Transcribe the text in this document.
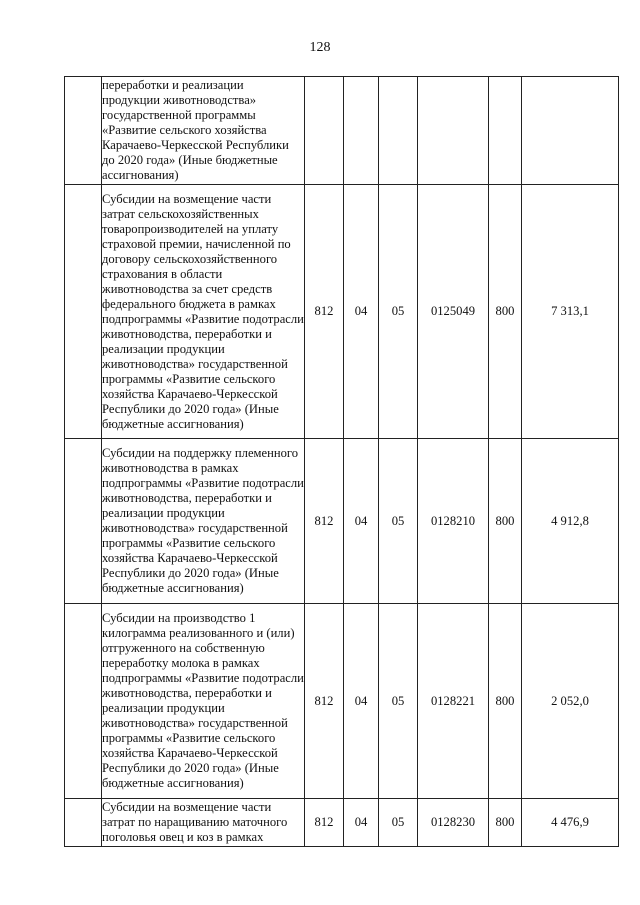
128

	переработки и реализации продукции животноводства» государственной программы «Развитие сельского хозяйства Карачаево-Черкесской Республики до 2020 года» (Иные бюджетные ассигнования)						

	Субсидии на возмещение части затрат сельскохозяйственных товаропроизводителей на уплату страховой премии, начисленной по договору сельскохозяйственного страхования в области животноводства за счет средств федерального бюджета в рамках подпрограммы «Развитие подотрасли животноводства, переработки и реализации продукции животноводства» государственной программы «Развитие сельского хозяйства Карачаево-Черкесской Республики до 2020 года» (Иные бюджетные ассигнования)	812	04	05	0125049	800	7 313,1

	Субсидии на поддержку племенного животноводства в рамках подпрограммы «Развитие подотрасли животноводства, переработки и реализации продукции животноводства» государственной программы «Развитие сельского хозяйства Карачаево-Черкесской Республики до 2020 года» (Иные бюджетные ассигнования)	812	04	05	0128210	800	4 912,8

	Субсидии на производство 1 килограмма реализованного и (или) отгруженного на собственную переработку молока в рамках подпрограммы «Развитие подотрасли животноводства, переработки и реализации продукции животноводства» государственной программы «Развитие сельского хозяйства Карачаево-Черкесской Республики до 2020 года» (Иные бюджетные ассигнования)	812	04	05	0128221	800	2 052,0

	Субсидии на возмещение части затрат по наращиванию маточного поголовья овец и коз в рамках	812	04	05	0128230	800	4 476,9
